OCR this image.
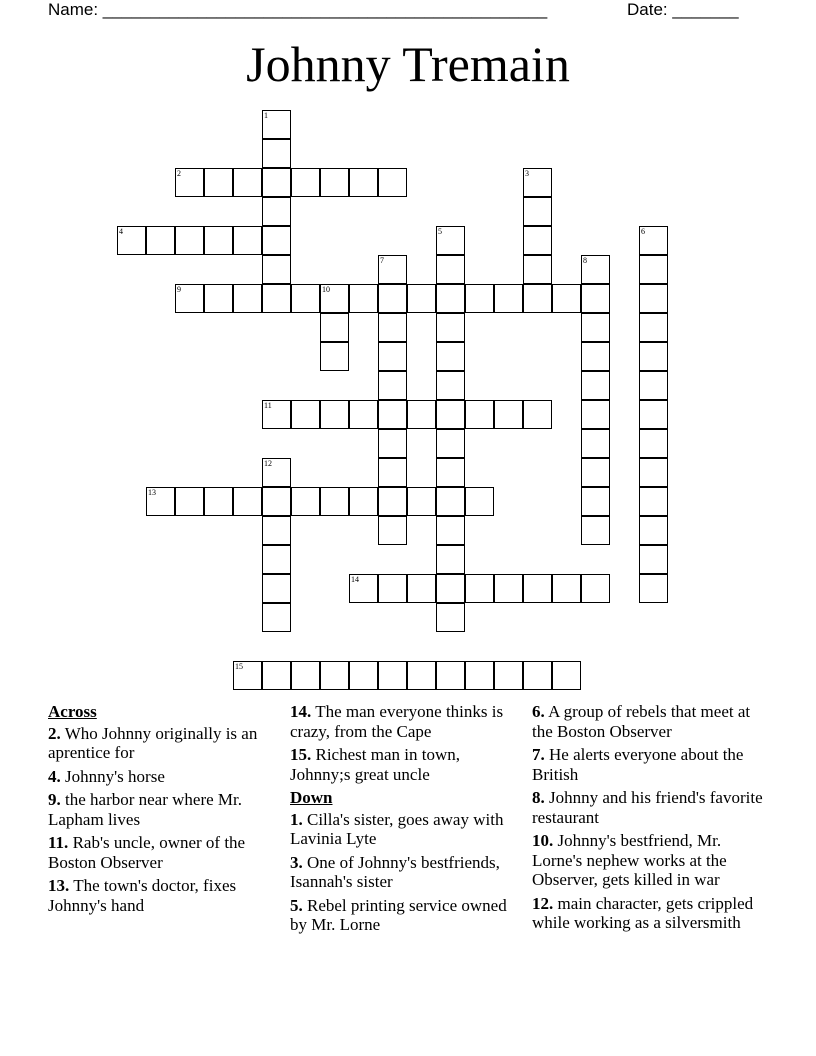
Name: _______________________________________________	Date: _______
Johnny Tremain
1
2	3
4	5	6
7	8
9	10
11
12
13
14
15
Across
2. Who Johnny originally is an aprentice for
4. Johnny's horse
9. the harbor near where Mr. Lapham lives
11. Rab's uncle, owner of the Boston Observer
13. The town's doctor, fixes Johnny's hand
14. The man everyone thinks is crazy, from the Cape
15. Richest man in town, Johnny;s great uncle
Down
1. Cilla's sister, goes away with Lavinia Lyte
3. One of Johnny's bestfriends, Isannah's sister
5. Rebel printing service owned by Mr. Lorne
6. A group of rebels that meet at the Boston Observer
7. He alerts everyone about the British
8. Johnny and his friend's favorite restaurant
10. Johnny's bestfriend, Mr. Lorne's nephew works at the Observer, gets killed in war
12. main character, gets crippled while working as a silversmith
